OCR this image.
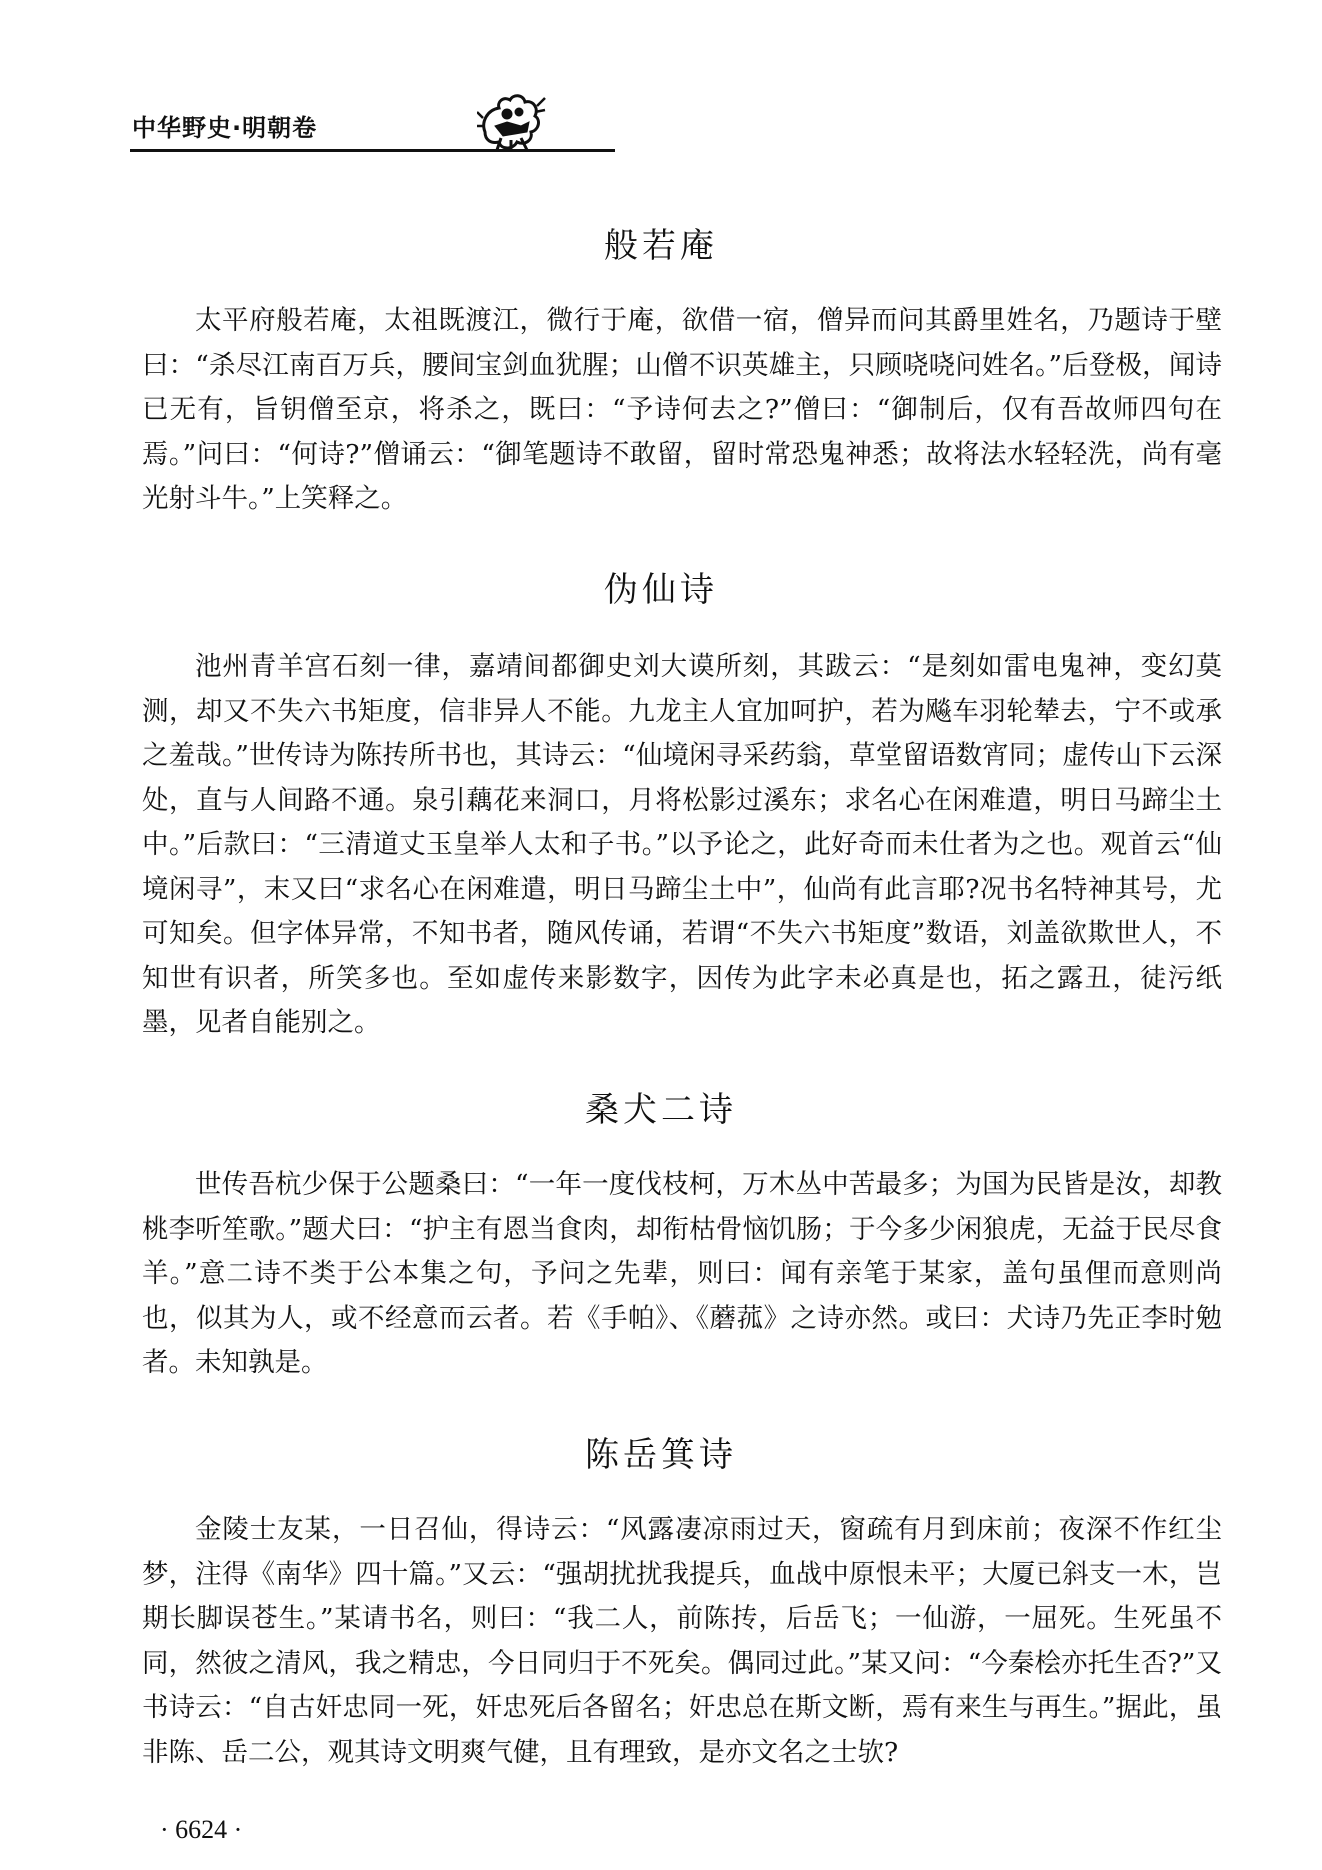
中华野史·明朝卷
般若庵

太平府般若庵，太祖既渡江，微行于庵，欲借一宿，僧异而问其爵里姓名，乃题诗于壁曰：“杀尽江南百万兵，腰间宝剑血犹腥；山僧不识英雄主，只顾哓哓问姓名。”后登极，闻诗已无有，旨钥僧至京，将杀之，既曰：“予诗何去之?”僧曰：“御制后，仅有吾故师四句在焉。”问曰：“何诗?”僧诵云：“御笔题诗不敢留，留时常恐鬼神悉；故将法水轻轻洗，尚有毫光射斗牛。”上笑释之。

伪仙诗

池州青羊宫石刻一律，嘉靖间都御史刘大谟所刻，其跋云：“是刻如雷电鬼神，变幻莫测，却又不失六书矩度，信非异人不能。九龙主人宜加呵护，若为飚车羽轮辇去，宁不或承之羞哉。”世传诗为陈抟所书也，其诗云：“仙境闲寻采药翁，草堂留语数宵同；虚传山下云深处，直与人间路不通。泉引藕花来洞口，月将松影过溪东；求名心在闲难遣，明日马蹄尘土中。”后款曰：“三清道丈玉皇举人太和子书。”以予论之，此好奇而未仕者为之也。观首云“仙境闲寻”，末又曰“求名心在闲难遣，明日马蹄尘土中”，仙尚有此言耶?况书名特神其号，尤可知矣。但字体异常，不知书者，随风传诵，若谓“不失六书矩度”数语，刘盖欲欺世人，不知世有识者，所笑多也。至如虚传来影数字，因传为此字未必真是也，拓之露丑，徒污纸墨，见者自能别之。

桑犬二诗

世传吾杭少保于公题桑曰：“一年一度伐枝柯，万木丛中苦最多；为国为民皆是汝，却教桃李听笙歌。”题犬曰：“护主有恩当食肉，却衔枯骨恼饥肠；于今多少闲狼虎，无益于民尽食羊。”意二诗不类于公本集之句，予问之先辈，则曰：闻有亲笔于某家，盖句虽俚而意则尚也，似其为人，或不经意而云者。若《手帕》、《蘑菰》之诗亦然。或曰：犬诗乃先正李时勉者。未知孰是。

陈岳箕诗

金陵士友某，一日召仙，得诗云：“风露凄凉雨过天，窗疏有月到床前；夜深不作红尘梦，注得《南华》四十篇。”又云：“强胡扰扰我提兵，血战中原恨未平；大厦已斜支一木，岂期长脚误苍生。”某请书名，则曰：“我二人，前陈抟，后岳飞；一仙游，一屈死。生死虽不同，然彼之清风，我之精忠，今日同归于不死矣。偶同过此。”某又问：“今秦桧亦托生否?”又书诗云：“自古奸忠同一死，奸忠死后各留名；奸忠总在斯文断，焉有来生与再生。”据此，虽非陈、岳二公，观其诗文明爽气健，且有理致，是亦文名之士欤?

· 6624 ·
